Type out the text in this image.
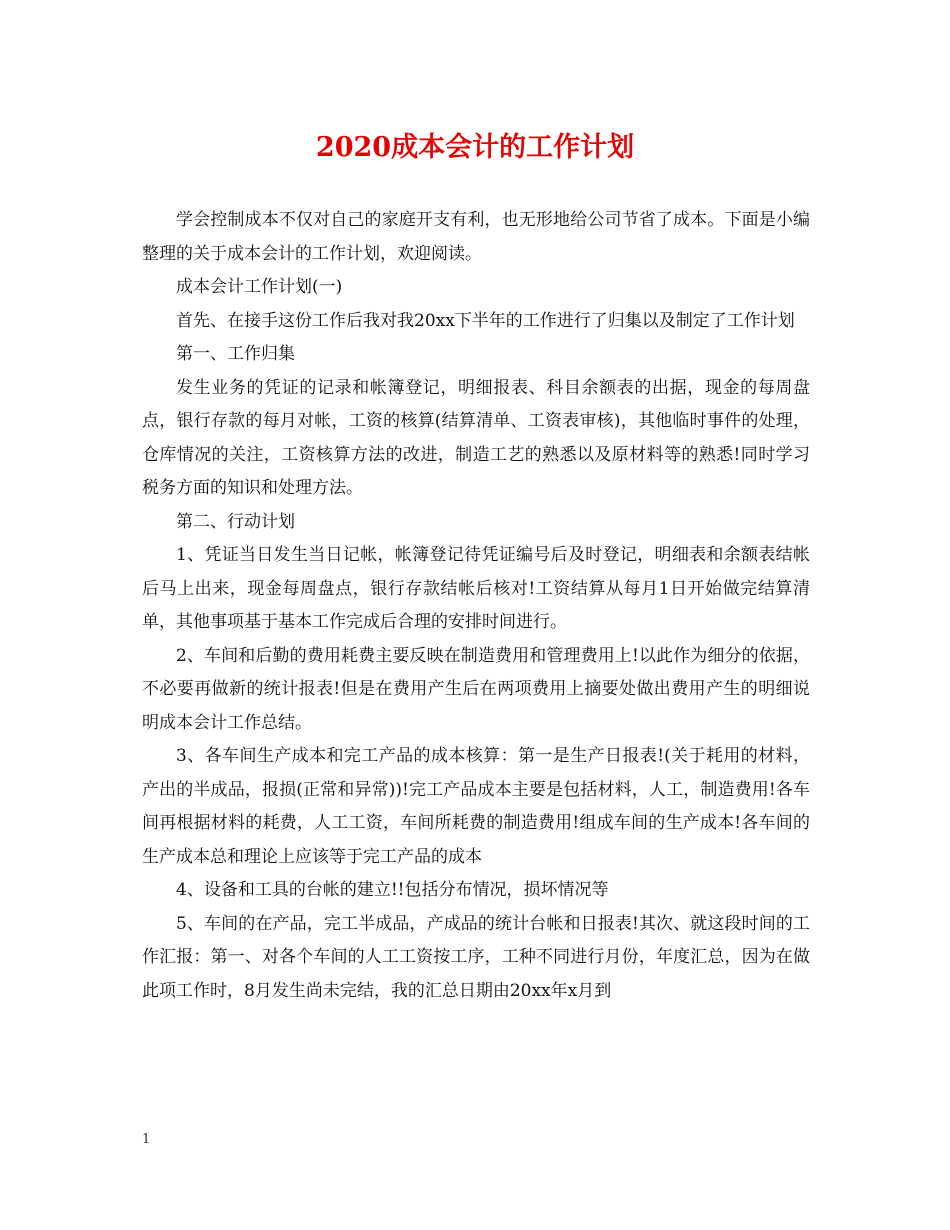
2020成本会计的工作计划

学会控制成本不仅对自己的家庭开支有利，也无形地给公司节省了成本。下面是小编整理的关于成本会计的工作计划，欢迎阅读。

成本会计工作计划(一)

首先、在接手这份工作后我对我20xx下半年的工作进行了归集以及制定了工作计划

第一、工作归集

发生业务的凭证的记录和帐簿登记，明细报表、科目余额表的出据，现金的每周盘点，银行存款的每月对帐，工资的核算(结算清单、工资表审核)，其他临时事件的处理，仓库情况的关注，工资核算方法的改进，制造工艺的熟悉以及原材料等的熟悉!同时学习税务方面的知识和处理方法。

第二、行动计划

1、凭证当日发生当日记帐，帐簿登记待凭证编号后及时登记，明细表和余额表结帐后马上出来，现金每周盘点，银行存款结帐后核对!工资结算从每月1日开始做完结算清单，其他事项基于基本工作完成后合理的安排时间进行。

2、车间和后勤的费用耗费主要反映在制造费用和管理费用上!以此作为细分的依据，不必要再做新的统计报表!但是在费用产生后在两项费用上摘要处做出费用产生的明细说明成本会计工作总结。

3、各车间生产成本和完工产品的成本核算：第一是生产日报表!(关于耗用的材料，产出的半成品，报损(正常和异常))!完工产品成本主要是包括材料，人工，制造费用!各车间再根据材料的耗费，人工工资，车间所耗费的制造费用!组成车间的生产成本!各车间的生产成本总和理论上应该等于完工产品的成本

4、设备和工具的台帐的建立!!包括分布情况，损坏情况等

5、车间的在产品，完工半成品，产成品的统计台帐和日报表!其次、就这段时间的工作汇报：第一、对各个车间的人工工资按工序，工种不同进行月份，年度汇总，因为在做此项工作时，8月发生尚未完结，我的汇总日期由20xx年x月到

1
